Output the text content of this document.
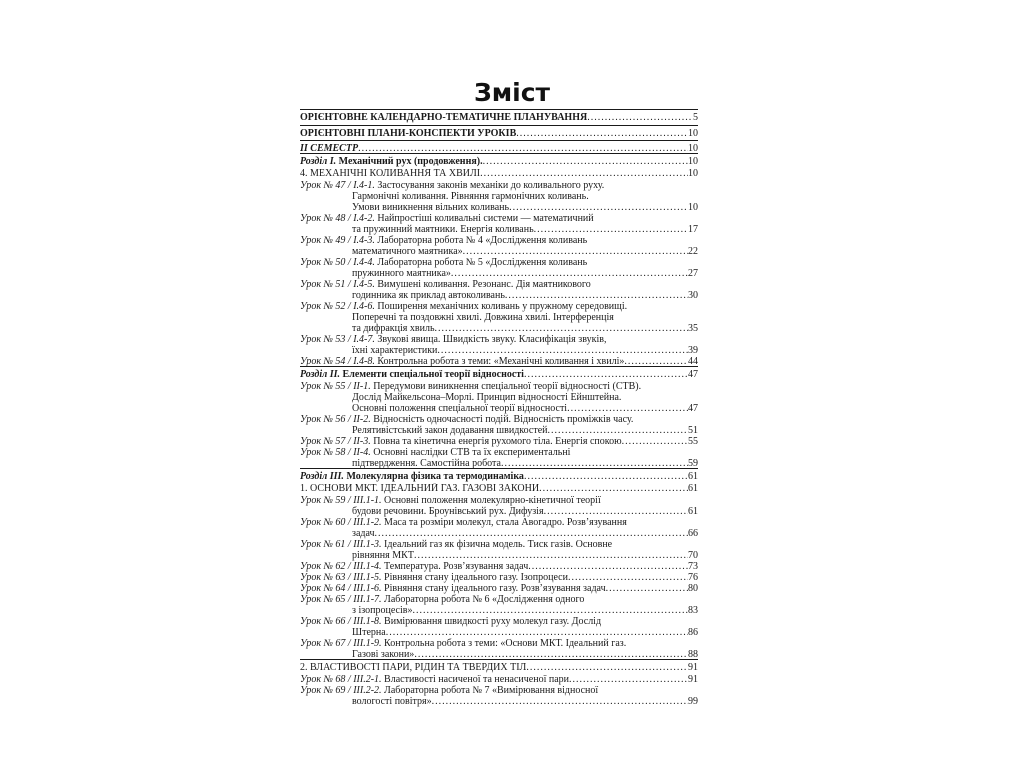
Зміст
ОРІЄНТОВНЕ КАЛЕНДАРНО-ТЕМАТИЧНЕ ПЛАНУВАННЯ .....	5
ОРІЄНТОВНІ ПЛАНИ-КОНСПЕКТИ УРОКІВ .....	10
ІІ СЕМЕСТР .....	10
Розділ І. Механічний рух (продовження). .....	10
4. МЕХАНІЧНІ КОЛИВАННЯ ТА ХВИЛІ .....	10
Урок № 47 / І.4-1. Застосування законів механіки до коливального руху.
Гармонічні коливання. Рівняння гармонічних коливань.
Умови виникнення вільних коливань .....	10
Урок № 48 / І.4-2. Найпростіші коливальні системи — математичний
та пружинний маятники. Енергія коливань .....	17
Урок № 49 / І.4-3. Лабораторна робота № 4 «Дослідження коливань
математичного маятника» .....	22
Урок № 50 / І.4-4. Лабораторна робота № 5 «Дослідження коливань
пружинного маятника» .....	27
Урок № 51 / І.4-5. Вимушені коливання. Резонанс. Дія маятникового
годинника як приклад автоколивань .....	30
Урок № 52 / І.4-6. Поширення механічних коливань у пружному середовищі.
Поперечні та поздовжні хвилі. Довжина хвилі. Інтерференція
та дифракція хвиль .....	35
Урок № 53 / І.4-7. Звукові явища. Швидкість звуку. Класифікація звуків,
їхні характеристики .....	39
Урок № 54 / І.4-8. Контрольна робота з теми: «Механічні коливання і хвилі» .....	44
Розділ ІІ. Елементи спеціальної теорії відносності .....	47
Урок № 55 / ІІ-1. Передумови виникнення спеціальної теорії відносності (СТВ).
Дослід Майкельсона–Морлі. Принцип відносності Ейнштейна.
Основні положення спеціальної теорії відносності .....	47
Урок № 56 / ІІ-2. Відносність одночасності подій. Відносність проміжків часу.
Релятивістський закон додавання швидкостей .....	51
Урок № 57 / ІІ-3. Повна та кінетична енергія рухомого тіла. Енергія спокою .....	55
Урок № 58 / ІІ-4. Основні наслідки СТВ та їх експериментальні
підтвердження. Самостійна робота .....	59
Розділ ІІІ. Молекулярна фізика та термодинаміка .....	61
1. ОСНОВИ МКТ. ІДЕАЛЬНИЙ ГАЗ. ГАЗОВІ ЗАКОНИ .....	61
Урок № 59 / ІІІ.1-1. Основні положення молекулярно-кінетичної теорії
будови речовини. Броунівський рух. Дифузія .....	61
Урок № 60 / ІІІ.1-2. Маса та розміри молекул, стала Авогадро. Розв’язування
задач .....	66
Урок № 61 / ІІІ.1-3. Ідеальний газ як фізична модель. Тиск газів. Основне
рівняння МКТ .....	70
Урок № 62 / ІІІ.1-4. Температура. Розв’язування задач .....	73
Урок № 63 / ІІІ.1-5. Рівняння стану ідеального газу. Ізопроцеси .....	76
Урок № 64 / ІІІ.1-6. Рівняння стану ідеального газу. Розв’язування задач .....	80
Урок № 65 / ІІІ.1-7. Лабораторна робота № 6 «Дослідження одного
з ізопроцесів» .....	83
Урок № 66 / ІІІ.1-8. Вимірювання швидкості руху молекул газу. Дослід
Штерна .....	86
Урок № 67 / ІІІ.1-9. Контрольна робота з теми: «Основи МКТ. Ідеальний газ.
Газові закони» .....	88
2. ВЛАСТИВОСТІ ПАРИ, РІДИН ТА ТВЕРДИХ ТІЛ .....	91
Урок № 68 / ІІІ.2-1. Властивості насиченої та ненасиченої пари .....	91
Урок № 69 / ІІІ.2-2. Лабораторна робота № 7 «Вимірювання відносної
вологості повітря» .....	99
